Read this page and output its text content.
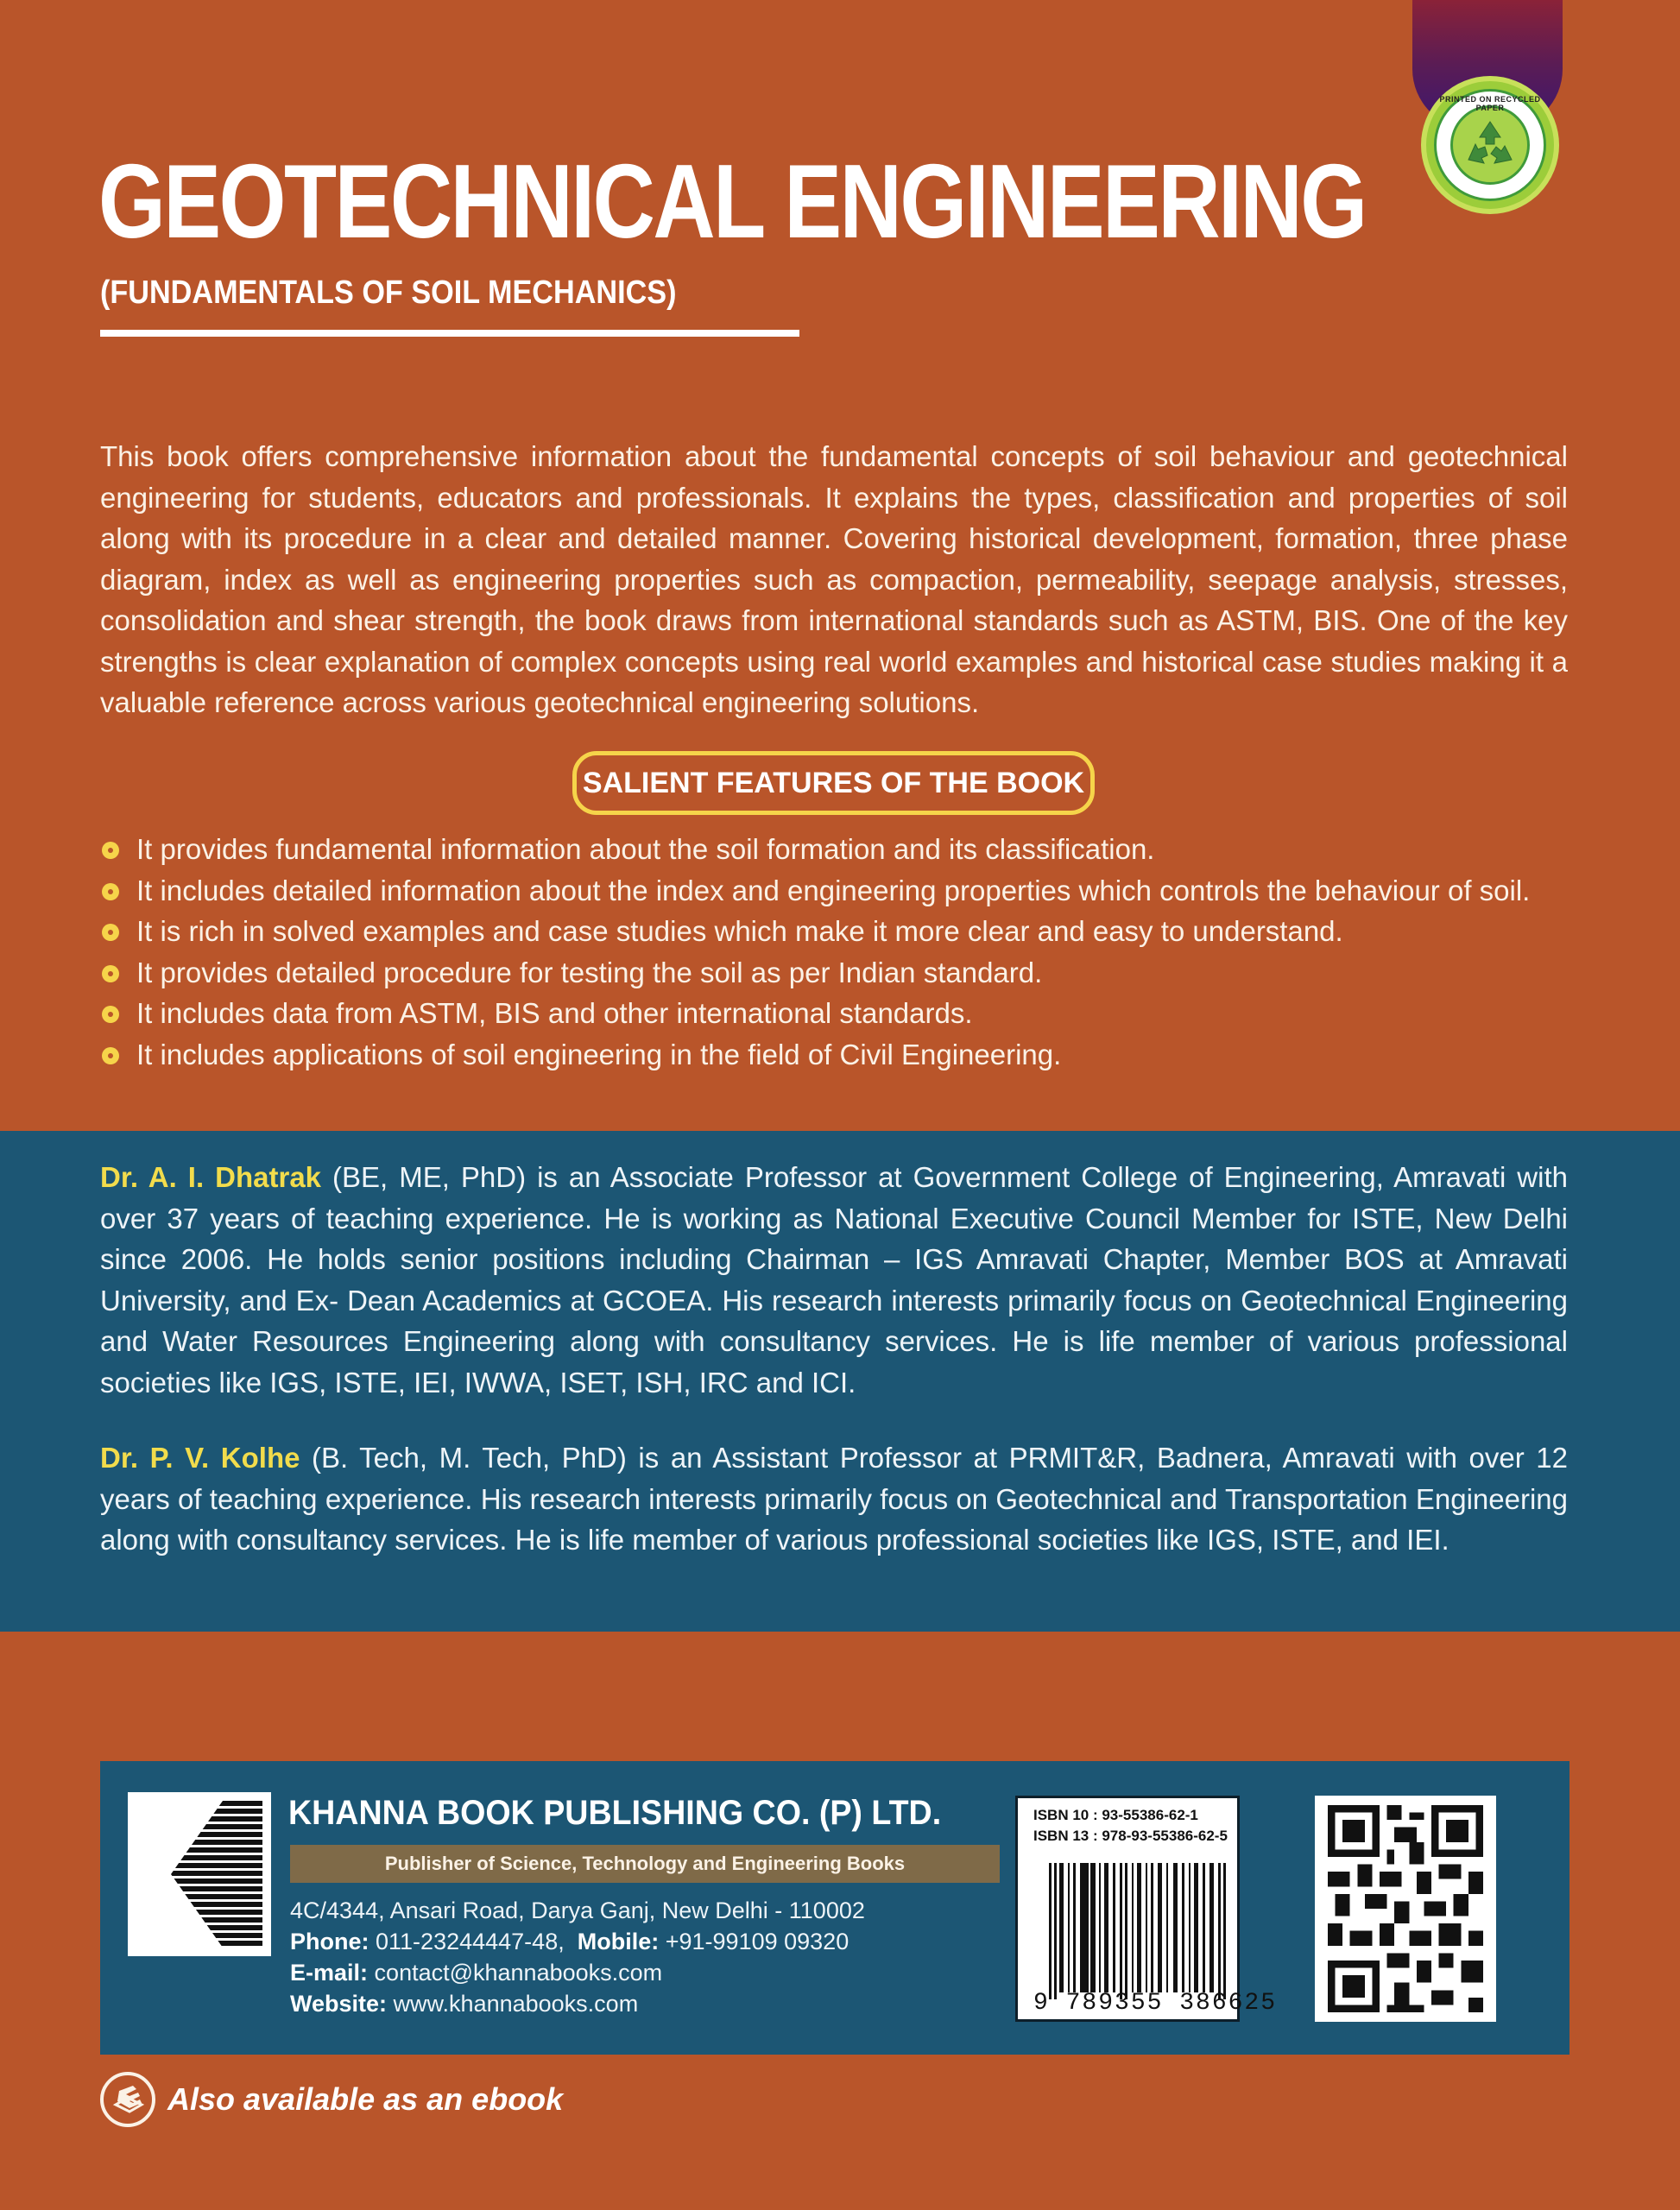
PRINTED ON RECYCLED PAPER
GEOTECHNICAL ENGINEERING
(FUNDAMENTALS OF SOIL MECHANICS)

This book offers comprehensive information about the fundamental concepts of soil behaviour and geotechnical engineering for students, educators and professionals. It explains the types, classification and properties of soil along with its procedure in a clear and detailed manner. Covering historical development, formation, three phase diagram, index as well as engineering properties such as compaction, permeability, seepage analysis, stresses, consolidation and shear strength, the book draws from international standards such as ASTM, BIS. One of the key strengths is clear explanation of complex concepts using real world examples and historical case studies making it a valuable reference across various geotechnical engineering solutions.

SALIENT FEATURES OF THE BOOK
It provides fundamental information about the soil formation and its classification.
It includes detailed information about the index and engineering properties which controls the behaviour of soil.
It is rich in solved examples and case studies which make it more clear and easy to understand.
It provides detailed procedure for testing the soil as per Indian standard.
It includes data from ASTM, BIS and other international standards.
It includes applications of soil engineering in the field of Civil Engineering.

Dr. A. I. Dhatrak (BE, ME, PhD) is an Associate Professor at Government College of Engineering, Amravati with over 37 years of teaching experience. He is working as National Executive Council Member for ISTE, New Delhi since 2006. He holds senior positions including Chairman – IGS Amravati Chapter, Member BOS at Amravati University, and Ex- Dean Academics at GCOEA. His research interests primarily focus on Geotechnical Engineering and Water Resources Engineering along with consultancy services. He is life member of various professional societies like IGS, ISTE, IEI, IWWA, ISET, ISH, IRC and ICI.

Dr. P. V. Kolhe (B. Tech, M. Tech, PhD) is an Assistant Professor at PRMIT&R, Badnera, Amravati with over 12 years of teaching experience. His research interests primarily focus on Geotechnical and Transportation Engineering along with consultancy services. He is life member of various professional societies like IGS, ISTE, and IEI.

KHANNA BOOK PUBLISHING CO. (P) LTD.
Publisher of Science, Technology and Engineering Books
4C/4344, Ansari Road, Darya Ganj, New Delhi - 110002
Phone: 011-23244447-48, Mobile: +91-99109 09320
E-mail: contact@khannabooks.com
Website: www.khannabooks.com
ISBN 10 : 93-55386-62-1
ISBN 13 : 978-93-55386-62-5
9 789355 386625
Also available as an ebook
